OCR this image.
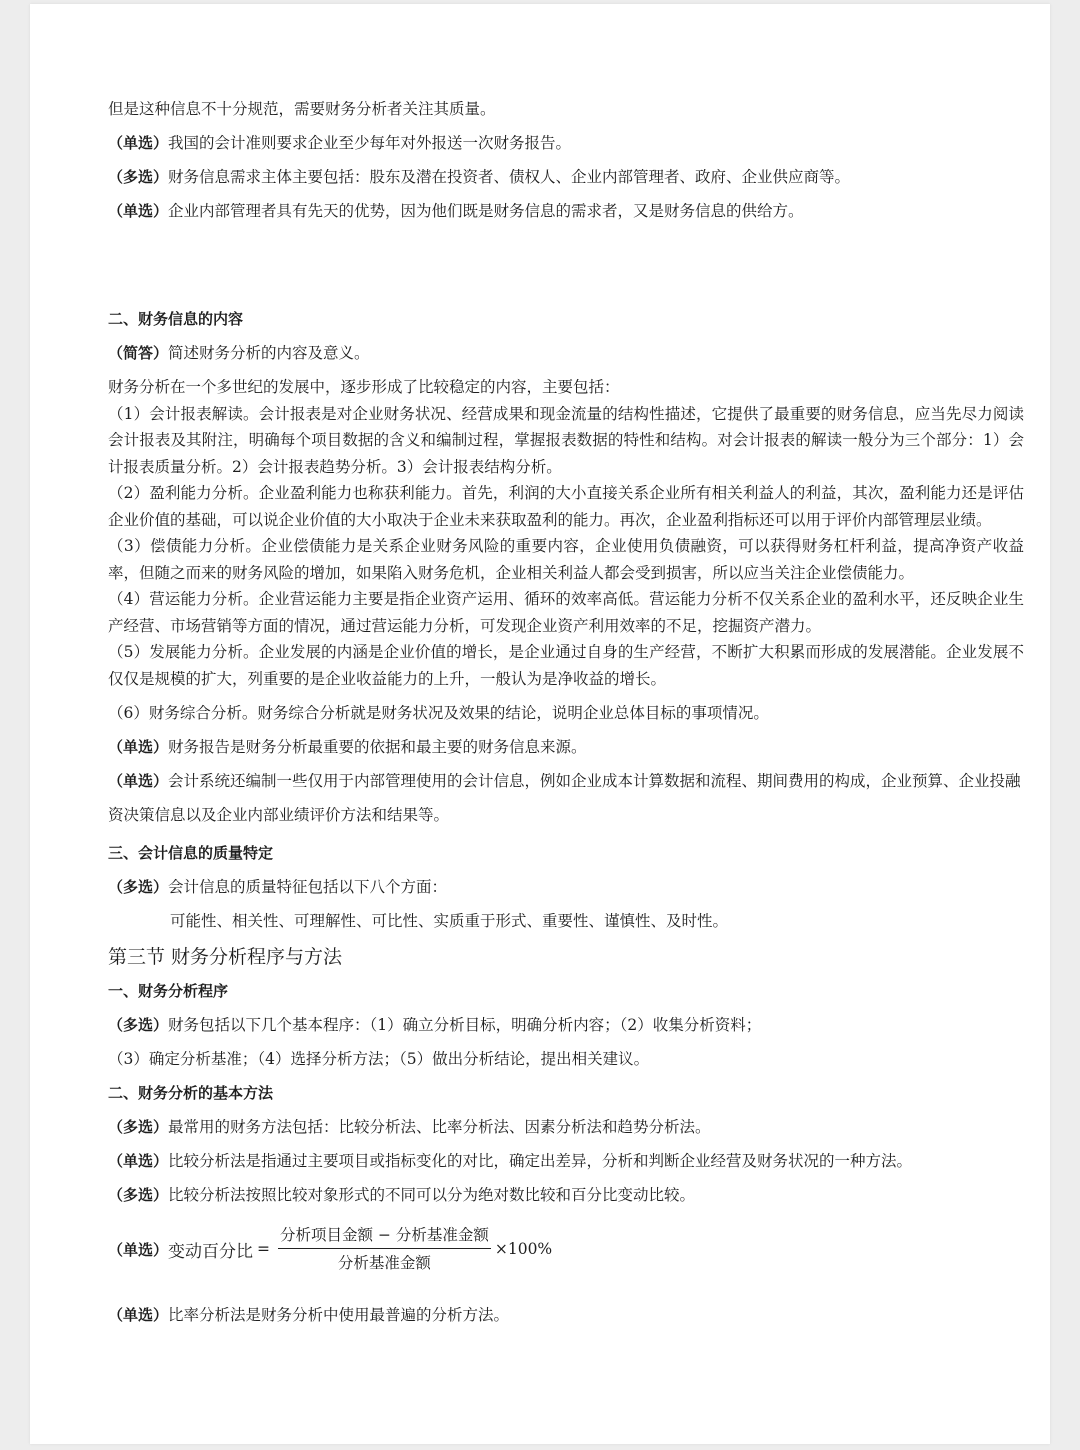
但是这种信息不十分规范，需要财务分析者关注其质量。

（单选）我国的会计准则要求企业至少每年对外报送一次财务报告。

（多选）财务信息需求主体主要包括：股东及潜在投资者、债权人、企业内部管理者、政府、企业供应商等。

（单选）企业内部管理者具有先天的优势，因为他们既是财务信息的需求者，又是财务信息的供给方。

二、财务信息的内容

（简答）简述财务分析的内容及意义。

财务分析在一个多世纪的发展中，逐步形成了比较稳定的内容，主要包括：

（1）会计报表解读。会计报表是对企业财务状况、经营成果和现金流量的结构性描述，它提供了最重要的财务信息，应当先尽力阅读会计报表及其附注，明确每个项目数据的含义和编制过程，掌握报表数据的特性和结构。对会计报表的解读一般分为三个部分：1）会计报表质量分析。2）会计报表趋势分析。3）会计报表结构分析。

（2）盈利能力分析。企业盈利能力也称获利能力。首先，利润的大小直接关系企业所有相关利益人的利益，其次，盈利能力还是评估企业价值的基础，可以说企业价值的大小取决于企业未来获取盈利的能力。再次，企业盈利指标还可以用于评价内部管理层业绩。

（3）偿债能力分析。企业偿债能力是关系企业财务风险的重要内容，企业使用负债融资，可以获得财务杠杆利益，提高净资产收益率，但随之而来的财务风险的增加，如果陷入财务危机，企业相关利益人都会受到损害，所以应当关注企业偿债能力。

（4）营运能力分析。企业营运能力主要是指企业资产运用、循环的效率高低。营运能力分析不仅关系企业的盈利水平，还反映企业生产经营、市场营销等方面的情况，通过营运能力分析，可发现企业资产利用效率的不足，挖掘资产潜力。

（5）发展能力分析。企业发展的内涵是企业价值的增长，是企业通过自身的生产经营，不断扩大积累而形成的发展潜能。企业发展不仅仅是规模的扩大，列重要的是企业收益能力的上升，一般认为是净收益的增长。

（6）财务综合分析。财务综合分析就是财务状况及效果的结论，说明企业总体目标的事项情况。

（单选）财务报告是财务分析最重要的依据和最主要的财务信息来源。

（单选）会计系统还编制一些仅用于内部管理使用的会计信息，例如企业成本计算数据和流程、期间费用的构成，企业预算、企业投融资决策信息以及企业内部业绩评价方法和结果等。

三、会计信息的质量特定

（多选）会计信息的质量特征包括以下八个方面：

可能性、相关性、可理解性、可比性、实质重于形式、重要性、谨慎性、及时性。

第三节 财务分析程序与方法

一、财务分析程序

（多选）财务包括以下几个基本程序：（1）确立分析目标，明确分析内容；（2）收集分析资料；

（3）确定分析基准；（4）选择分析方法；（5）做出分析结论，提出相关建议。

二、财务分析的基本方法

（多选）最常用的财务方法包括：比较分析法、比率分析法、因素分析法和趋势分析法。

（单选）比较分析法是指通过主要项目或指标变化的对比，确定出差异，分析和判断企业经营及财务状况的一种方法。

（多选）比较分析法按照比较对象形式的不同可以分为绝对数比较和百分比变动比较。

（单选） 变动百分比 = $\frac{\text{分析项目金额 − 分析基准金额}}{\text{分析基准金额}} \times 100\%$

（单选）比率分析法是财务分析中使用最普遍的分析方法。
